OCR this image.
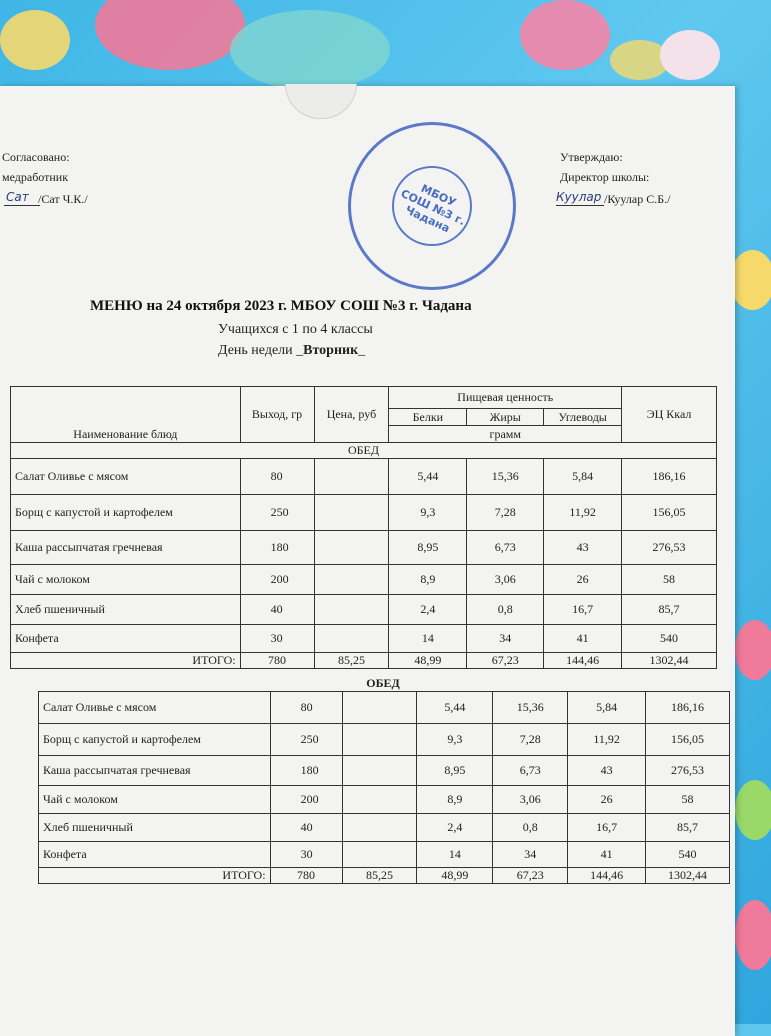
Согласовано:
медработник
Сат /Сат Ч.К./
Утверждаю:
Директор школы:
Куулар /Куулар С.Б./
МБОУ СОШ №3 г. Чадана
МЕНЮ на 24 октября 2023 г. МБОУ СОШ №3 г. Чадана
Учащихся с 1 по 4 классы
День недели _Вторник_
Наименование блюд	Выход, гр	Цена, руб	Пищевая ценность			ЭЦ Ккал
			Белки	Жиры	Углеводы	
			грамм			
ОБЕД						
Салат Оливье с мясом	80		5,44	15,36	5,84	186,16
Борщ с капустой и картофелем	250		9,3	7,28	11,92	156,05
Каша рассыпчатая гречневая	180		8,95	6,73	43	276,53
Чай с молоком	200		8,9	3,06	26	58
Хлеб пшеничный	40		2,4	0,8	16,7	85,7
Конфета	30		14	34	41	540
ИТОГО:	780	85,25	48,99	67,23	144,46	1302,44
Салат Оливье с мясом	80		5,44	15,36	5,84	186,16
Борщ с капустой и картофелем	250		9,3	7,28	11,92	156,05
Каша рассыпчатая гречневая	180		8,95	6,73	43	276,53
Чай с молоком	200		8,9	3,06	26	58
Хлеб пшеничный	40		2,4	0,8	16,7	85,7
Конфета	30		14	34	41	540
ИТОГО:	780	85,25	48,99	67,23	144,46	1302,44
ОБЕД
